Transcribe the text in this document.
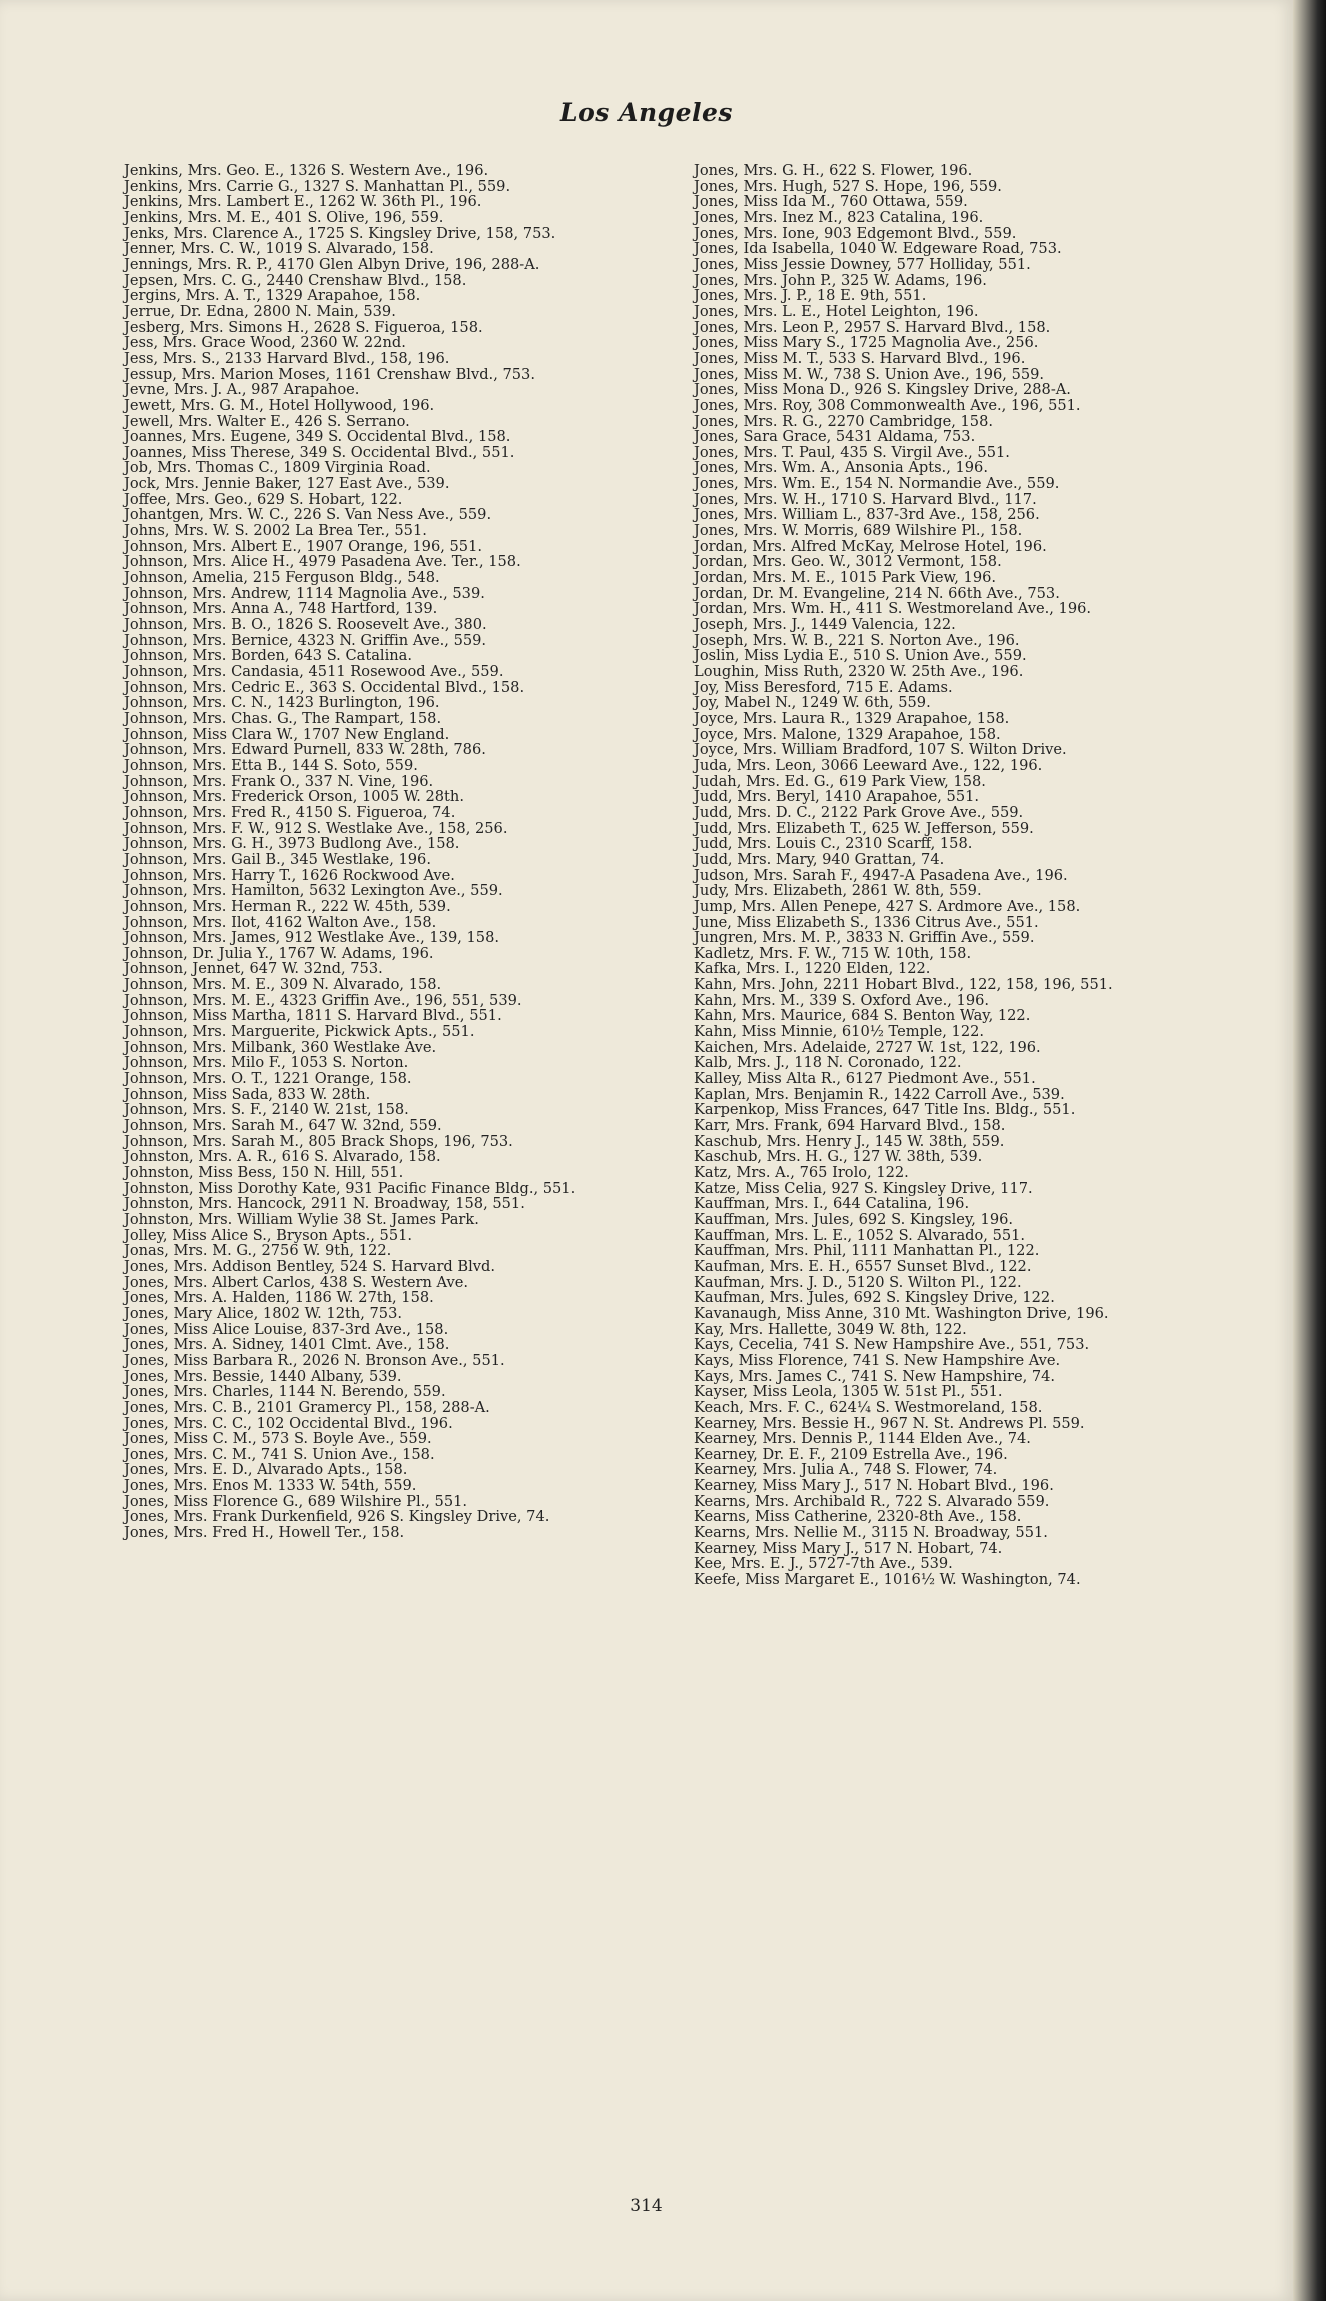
Los Angeles
Jenkins, Mrs. Geo. E., 1326 S. Western Ave., 196.
Jenkins, Mrs. Carrie G., 1327 S. Manhattan Pl., 559.
Jenkins, Mrs. Lambert E., 1262 W. 36th Pl., 196.
Jenkins, Mrs. M. E., 401 S. Olive, 196, 559.
Jenks, Mrs. Clarence A., 1725 S. Kingsley Drive, 158, 753.
Jenner, Mrs. C. W., 1019 S. Alvarado, 158.
Jennings, Mrs. R. P., 4170 Glen Albyn Drive, 196, 288-A.
Jepsen, Mrs. C. G., 2440 Crenshaw Blvd., 158.
Jergins, Mrs. A. T., 1329 Arapahoe, 158.
Jerrue, Dr. Edna, 2800 N. Main, 539.
Jesberg, Mrs. Simons H., 2628 S. Figueroa, 158.
Jess, Mrs. Grace Wood, 2360 W. 22nd.
Jess, Mrs. S., 2133 Harvard Blvd., 158, 196.
Jessup, Mrs. Marion Moses, 1161 Crenshaw Blvd., 753.
Jevne, Mrs. J. A., 987 Arapahoe.
Jewett, Mrs. G. M., Hotel Hollywood, 196.
Jewell, Mrs. Walter E., 426 S. Serrano.
Joannes, Mrs. Eugene, 349 S. Occidental Blvd., 158.
Joannes, Miss Therese, 349 S. Occidental Blvd., 551.
Job, Mrs. Thomas C., 1809 Virginia Road.
Jock, Mrs. Jennie Baker, 127 East Ave., 539.
Joffee, Mrs. Geo., 629 S. Hobart, 122.
Johantgen, Mrs. W. C., 226 S. Van Ness Ave., 559.
Johns, Mrs. W. S. 2002 La Brea Ter., 551.
Johnson, Mrs. Albert E., 1907 Orange, 196, 551.
Johnson, Mrs. Alice H., 4979 Pasadena Ave. Ter., 158.
Johnson, Amelia, 215 Ferguson Bldg., 548.
Johnson, Mrs. Andrew, 1114 Magnolia Ave., 539.
Johnson, Mrs. Anna A., 748 Hartford, 139.
Johnson, Mrs. B. O., 1826 S. Roosevelt Ave., 380.
Johnson, Mrs. Bernice, 4323 N. Griffin Ave., 559.
Johnson, Mrs. Borden, 643 S. Catalina.
Johnson, Mrs. Candasia, 4511 Rosewood Ave., 559.
Johnson, Mrs. Cedric E., 363 S. Occidental Blvd., 158.
Johnson, Mrs. C. N., 1423 Burlington, 196.
Johnson, Mrs. Chas. G., The Rampart, 158.
Johnson, Miss Clara W., 1707 New England.
Johnson, Mrs. Edward Purnell, 833 W. 28th, 786.
Johnson, Mrs. Etta B., 144 S. Soto, 559.
Johnson, Mrs. Frank O., 337 N. Vine, 196.
Johnson, Mrs. Frederick Orson, 1005 W. 28th.
Johnson, Mrs. Fred R., 4150 S. Figueroa, 74.
Johnson, Mrs. F. W., 912 S. Westlake Ave., 158, 256.
Johnson, Mrs. G. H., 3973 Budlong Ave., 158.
Johnson, Mrs. Gail B., 345 Westlake, 196.
Johnson, Mrs. Harry T., 1626 Rockwood Ave.
Johnson, Mrs. Hamilton, 5632 Lexington Ave., 559.
Johnson, Mrs. Herman R., 222 W. 45th, 539.
Johnson, Mrs. Ilot, 4162 Walton Ave., 158.
Johnson, Mrs. James, 912 Westlake Ave., 139, 158.
Johnson, Dr. Julia Y., 1767 W. Adams, 196.
Johnson, Jennet, 647 W. 32nd, 753.
Johnson, Mrs. M. E., 309 N. Alvarado, 158.
Johnson, Mrs. M. E., 4323 Griffin Ave., 196, 551, 539.
Johnson, Miss Martha, 1811 S. Harvard Blvd., 551.
Johnson, Mrs. Marguerite, Pickwick Apts., 551.
Johnson, Mrs. Milbank, 360 Westlake Ave.
Johnson, Mrs. Milo F., 1053 S. Norton.
Johnson, Mrs. O. T., 1221 Orange, 158.
Johnson, Miss Sada, 833 W. 28th.
Johnson, Mrs. S. F., 2140 W. 21st, 158.
Johnson, Mrs. Sarah M., 647 W. 32nd, 559.
Johnson, Mrs. Sarah M., 805 Brack Shops, 196, 753.
Johnston, Mrs. A. R., 616 S. Alvarado, 158.
Johnston, Miss Bess, 150 N. Hill, 551.
Johnston, Miss Dorothy Kate, 931 Pacific Finance Bldg., 551.
Johnston, Mrs. Hancock, 2911 N. Broadway, 158, 551.
Johnston, Mrs. William Wylie 38 St. James Park.
Jolley, Miss Alice S., Bryson Apts., 551.
Jonas, Mrs. M. G., 2756 W. 9th, 122.
Jones, Mrs. Addison Bentley, 524 S. Harvard Blvd.
Jones, Mrs. Albert Carlos, 438 S. Western Ave.
Jones, Mrs. A. Halden, 1186 W. 27th, 158.
Jones, Mary Alice, 1802 W. 12th, 753.
Jones, Miss Alice Louise, 837-3rd Ave., 158.
Jones, Mrs. A. Sidney, 1401 Clmt. Ave., 158.
Jones, Miss Barbara R., 2026 N. Bronson Ave., 551.
Jones, Mrs. Bessie, 1440 Albany, 539.
Jones, Mrs. Charles, 1144 N. Berendo, 559.
Jones, Mrs. C. B., 2101 Gramercy Pl., 158, 288-A.
Jones, Mrs. C. C., 102 Occidental Blvd., 196.
Jones, Miss C. M., 573 S. Boyle Ave., 559.
Jones, Mrs. C. M., 741 S. Union Ave., 158.
Jones, Mrs. E. D., Alvarado Apts., 158.
Jones, Mrs. Enos M. 1333 W. 54th, 559.
Jones, Miss Florence G., 689 Wilshire Pl., 551.
Jones, Mrs. Frank Durkenfield, 926 S. Kingsley Drive, 74.
Jones, Mrs. Fred H., Howell Ter., 158.
Jones, Mrs. G. H., 622 S. Flower, 196.
Jones, Mrs. Hugh, 527 S. Hope, 196, 559.
Jones, Miss Ida M., 760 Ottawa, 559.
Jones, Mrs. Inez M., 823 Catalina, 196.
Jones, Mrs. Ione, 903 Edgemont Blvd., 559.
Jones, Ida Isabella, 1040 W. Edgeware Road, 753.
Jones, Miss Jessie Downey, 577 Holliday, 551.
Jones, Mrs. John P., 325 W. Adams, 196.
Jones, Mrs. J. P., 18 E. 9th, 551.
Jones, Mrs. L. E., Hotel Leighton, 196.
Jones, Mrs. Leon P., 2957 S. Harvard Blvd., 158.
Jones, Miss Mary S., 1725 Magnolia Ave., 256.
Jones, Miss M. T., 533 S. Harvard Blvd., 196.
Jones, Miss M. W., 738 S. Union Ave., 196, 559.
Jones, Miss Mona D., 926 S. Kingsley Drive, 288-A.
Jones, Mrs. Roy, 308 Commonwealth Ave., 196, 551.
Jones, Mrs. R. G., 2270 Cambridge, 158.
Jones, Sara Grace, 5431 Aldama, 753.
Jones, Mrs. T. Paul, 435 S. Virgil Ave., 551.
Jones, Mrs. Wm. A., Ansonia Apts., 196.
Jones, Mrs. Wm. E., 154 N. Normandie Ave., 559.
Jones, Mrs. W. H., 1710 S. Harvard Blvd., 117.
Jones, Mrs. William L., 837-3rd Ave., 158, 256.
Jones, Mrs. W. Morris, 689 Wilshire Pl., 158.
Jordan, Mrs. Alfred McKay, Melrose Hotel, 196.
Jordan, Mrs. Geo. W., 3012 Vermont, 158.
Jordan, Mrs. M. E., 1015 Park View, 196.
Jordan, Dr. M. Evangeline, 214 N. 66th Ave., 753.
Jordan, Mrs. Wm. H., 411 S. Westmoreland Ave., 196.
Joseph, Mrs. J., 1449 Valencia, 122.
Joseph, Mrs. W. B., 221 S. Norton Ave., 196.
Joslin, Miss Lydia E., 510 S. Union Ave., 559.
Loughin, Miss Ruth, 2320 W. 25th Ave., 196.
Joy, Miss Beresford, 715 E. Adams.
Joy, Mabel N., 1249 W. 6th, 559.
Joyce, Mrs. Laura R., 1329 Arapahoe, 158.
Joyce, Mrs. Malone, 1329 Arapahoe, 158.
Joyce, Mrs. William Bradford, 107 S. Wilton Drive.
Juda, Mrs. Leon, 3066 Leeward Ave., 122, 196.
Judah, Mrs. Ed. G., 619 Park View, 158.
Judd, Mrs. Beryl, 1410 Arapahoe, 551.
Judd, Mrs. D. C., 2122 Park Grove Ave., 559.
Judd, Mrs. Elizabeth T., 625 W. Jefferson, 559.
Judd, Mrs. Louis C., 2310 Scarff, 158.
Judd, Mrs. Mary, 940 Grattan, 74.
Judson, Mrs. Sarah F., 4947-A Pasadena Ave., 196.
Judy, Mrs. Elizabeth, 2861 W. 8th, 559.
Jump, Mrs. Allen Penepe, 427 S. Ardmore Ave., 158.
June, Miss Elizabeth S., 1336 Citrus Ave., 551.
Jungren, Mrs. M. P., 3833 N. Griffin Ave., 559.
Kadletz, Mrs. F. W., 715 W. 10th, 158.
Kafka, Mrs. I., 1220 Elden, 122.
Kahn, Mrs. John, 2211 Hobart Blvd., 122, 158, 196, 551.
Kahn, Mrs. M., 339 S. Oxford Ave., 196.
Kahn, Mrs. Maurice, 684 S. Benton Way, 122.
Kahn, Miss Minnie, 610½ Temple, 122.
Kaichen, Mrs. Adelaide, 2727 W. 1st, 122, 196.
Kalb, Mrs. J., 118 N. Coronado, 122.
Kalley, Miss Alta R., 6127 Piedmont Ave., 551.
Kaplan, Mrs. Benjamin R., 1422 Carroll Ave., 539.
Karpenkop, Miss Frances, 647 Title Ins. Bldg., 551.
Karr, Mrs. Frank, 694 Harvard Blvd., 158.
Kaschub, Mrs. Henry J., 145 W. 38th, 559.
Kaschub, Mrs. H. G., 127 W. 38th, 539.
Katz, Mrs. A., 765 Irolo, 122.
Katze, Miss Celia, 927 S. Kingsley Drive, 117.
Kauffman, Mrs. I., 644 Catalina, 196.
Kauffman, Mrs. Jules, 692 S. Kingsley, 196.
Kauffman, Mrs. L. E., 1052 S. Alvarado, 551.
Kauffman, Mrs. Phil, 1111 Manhattan Pl., 122.
Kaufman, Mrs. E. H., 6557 Sunset Blvd., 122.
Kaufman, Mrs. J. D., 5120 S. Wilton Pl., 122.
Kaufman, Mrs. Jules, 692 S. Kingsley Drive, 122.
Kavanaugh, Miss Anne, 310 Mt. Washington Drive, 196.
Kay, Mrs. Hallette, 3049 W. 8th, 122.
Kays, Cecelia, 741 S. New Hampshire Ave., 551, 753.
Kays, Miss Florence, 741 S. New Hampshire Ave.
Kays, Mrs. James C., 741 S. New Hampshire, 74.
Kayser, Miss Leola, 1305 W. 51st Pl., 551.
Keach, Mrs. F. C., 624¼ S. Westmoreland, 158.
Kearney, Mrs. Bessie H., 967 N. St. Andrews Pl. 559.
Kearney, Mrs. Dennis P., 1144 Elden Ave., 74.
Kearney, Dr. E. F., 2109 Estrella Ave., 196.
Kearney, Mrs. Julia A., 748 S. Flower, 74.
Kearney, Miss Mary J., 517 N. Hobart Blvd., 196.
Kearns, Mrs. Archibald R., 722 S. Alvarado 559.
Kearns, Miss Catherine, 2320-8th Ave., 158.
Kearns, Mrs. Nellie M., 3115 N. Broadway, 551.
Kearney, Miss Mary J., 517 N. Hobart, 74.
Kee, Mrs. E. J., 5727-7th Ave., 539.
Keefe, Miss Margaret E., 1016½ W. Washington, 74.
314
